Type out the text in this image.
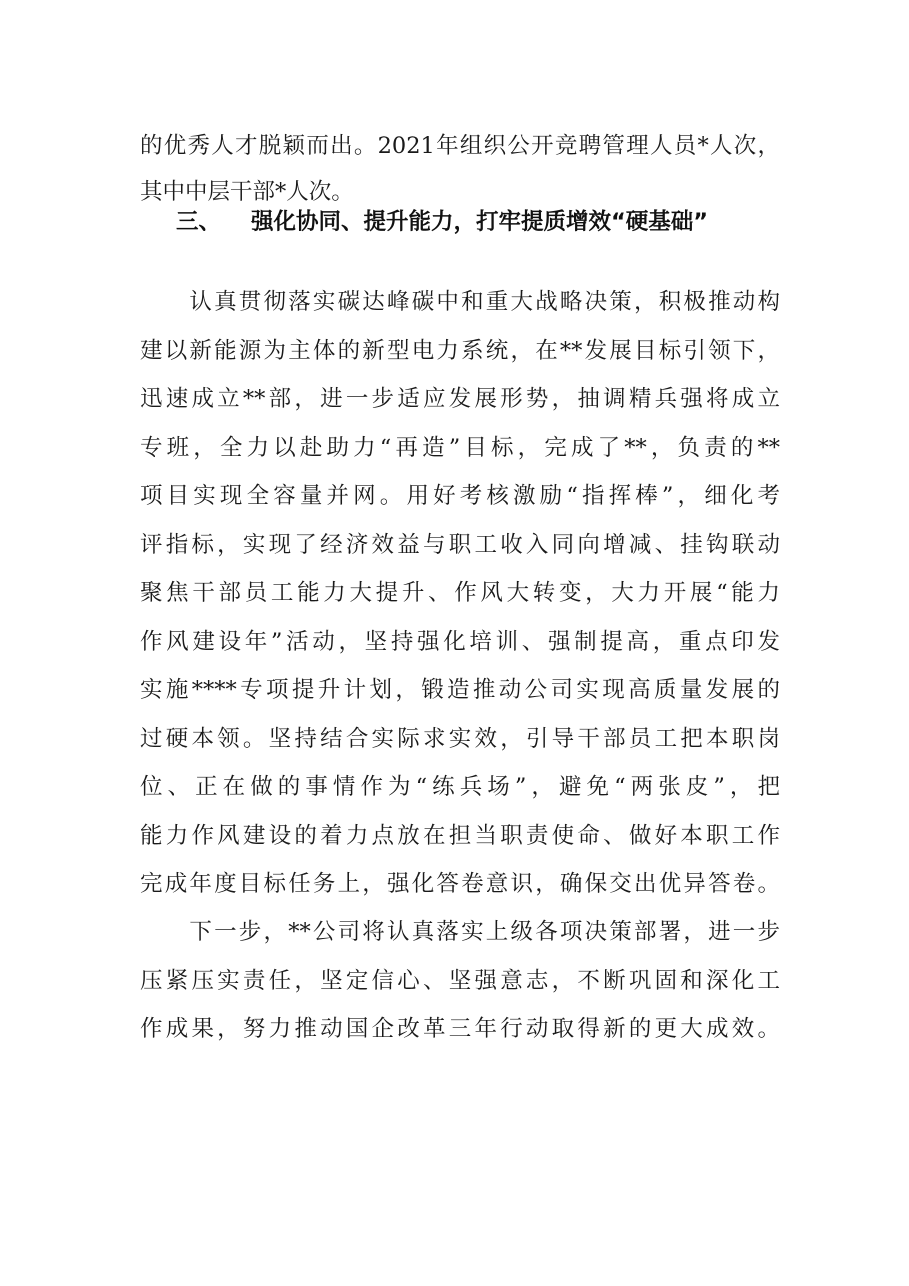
的优秀人才脱颖而出。2021年组织公开竞聘管理人员*人次，
其中中层干部*人次。
三、 强化协同、提升能力，打牢提质增效“硬基础”
　　认真贯彻落实碳达峰碳中和重大战略决策，积极推动构
建以新能源为主体的新型电力系统，在**发展目标引领下，
迅速成立**部，进一步适应发展形势，抽调精兵强将成立
专班，全力以赴助力“再造”目标，完成了**，负责的**
项目实现全容量并网。用好考核激励“指挥棒”，细化考
评指标，实现了经济效益与职工收入同向增减、挂钩联动
聚焦干部员工能力大提升、作风大转变，大力开展“能力
作风建设年”活动，坚持强化培训、强制提高，重点印发
实施****专项提升计划，锻造推动公司实现高质量发展的
过硬本领。坚持结合实际求实效，引导干部员工把本职岗
位、正在做的事情作为“练兵场”，避免“两张皮”，把
能力作风建设的着力点放在担当职责使命、做好本职工作
完成年度目标任务上，强化答卷意识，确保交出优异答卷。
　　下一步，**公司将认真落实上级各项决策部署，进一步
压紧压实责任，坚定信心、坚强意志，不断巩固和深化工
作成果，努力推动国企改革三年行动取得新的更大成效。
